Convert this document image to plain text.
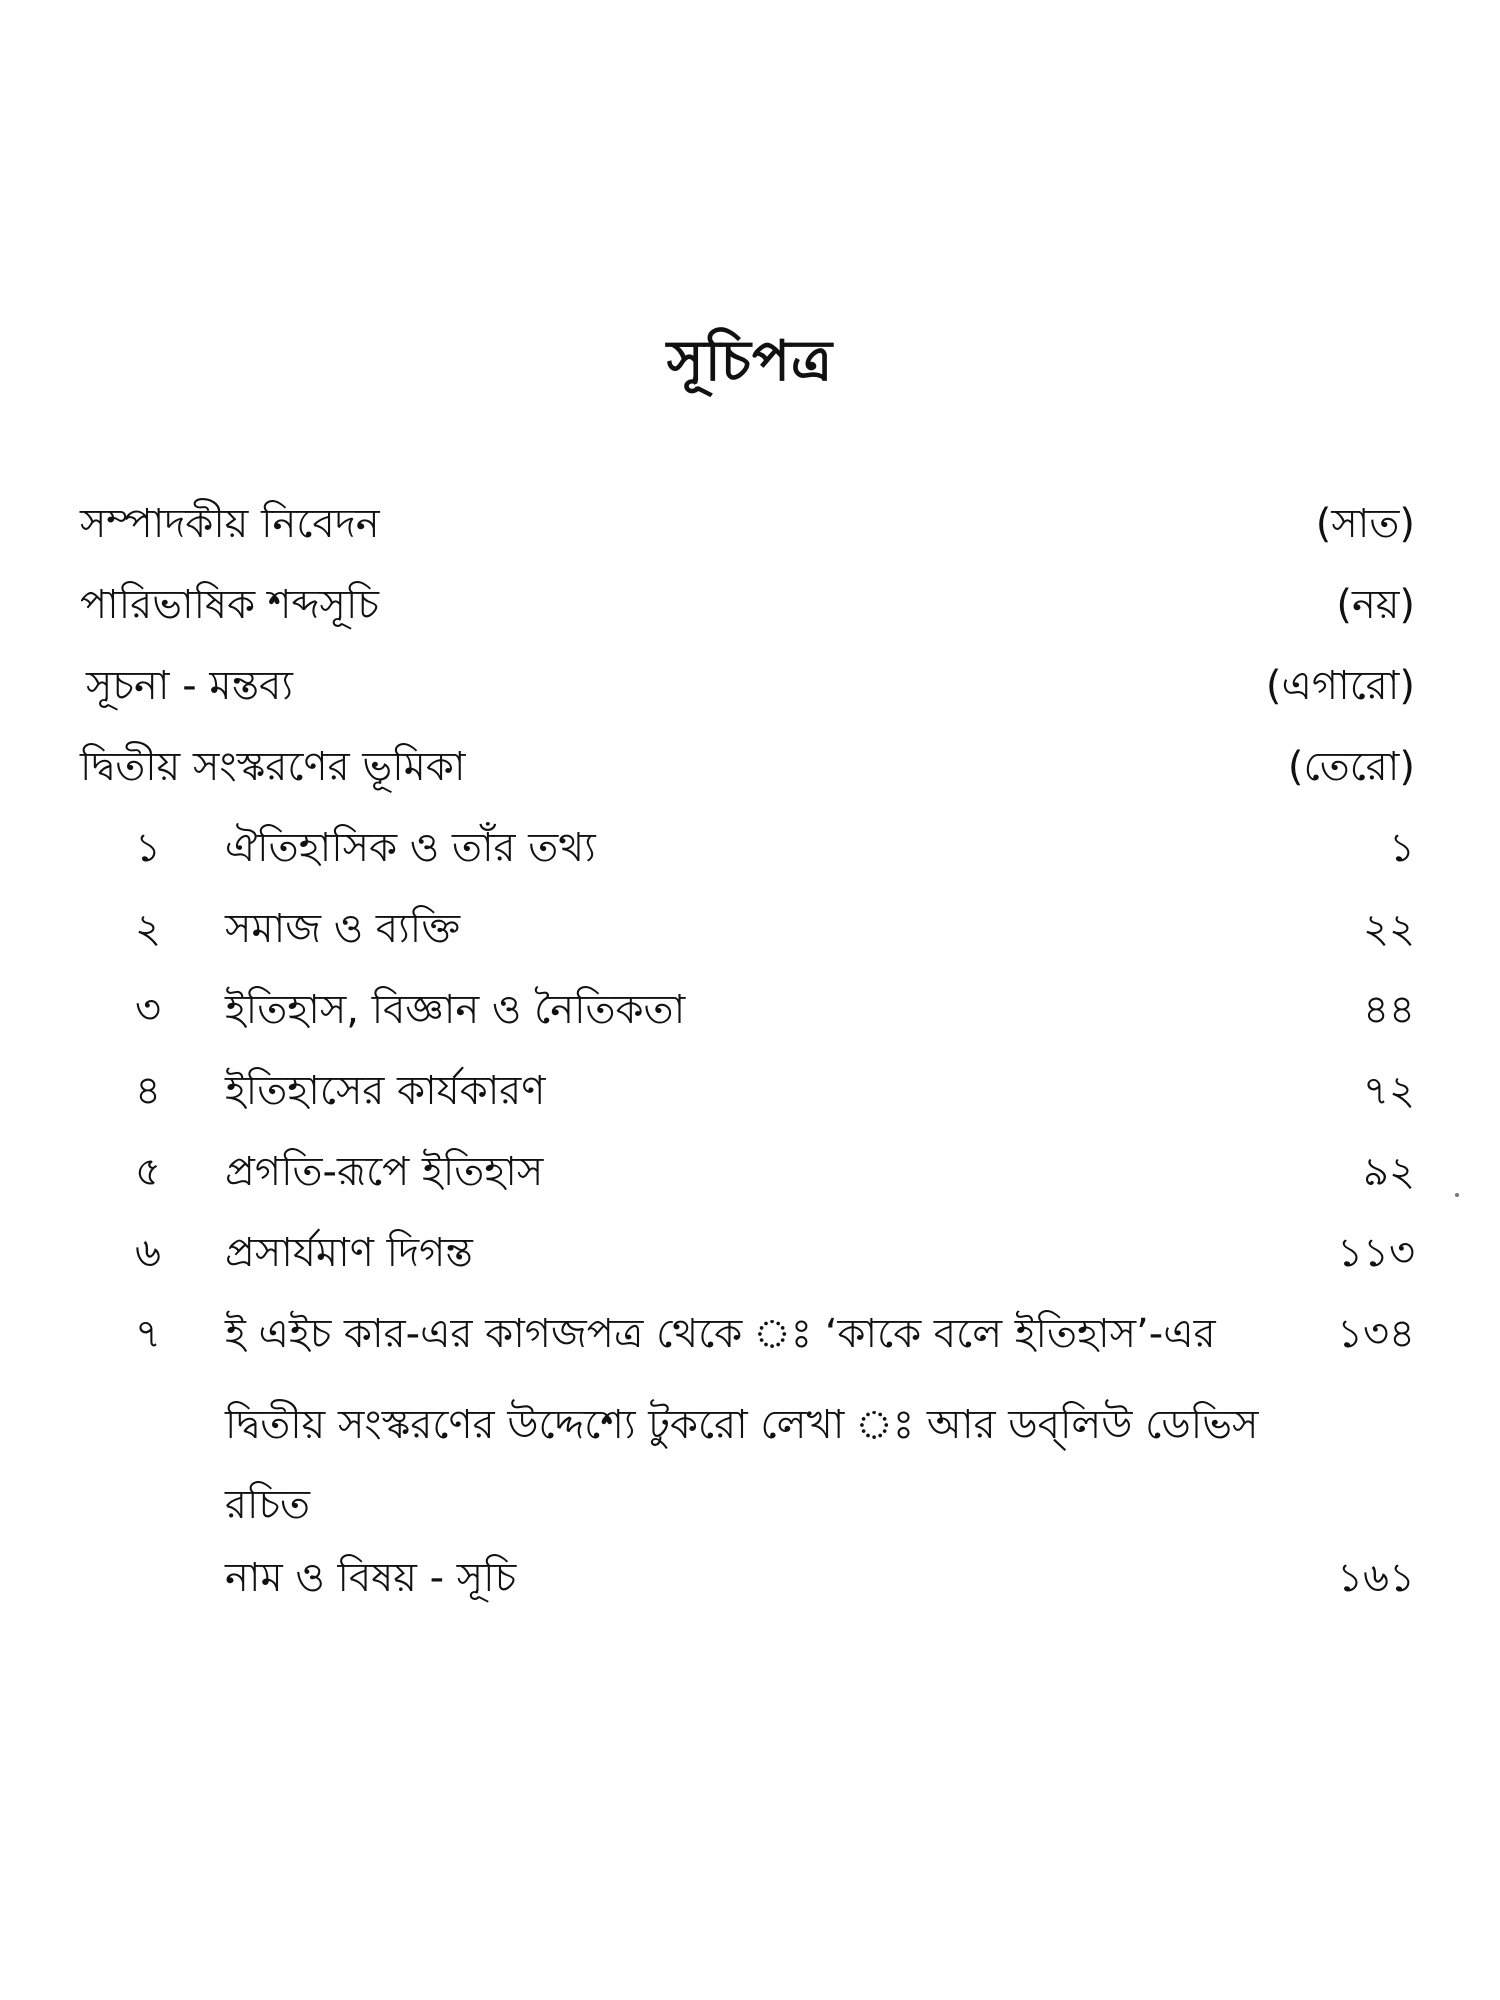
সূচিপত্র
সম্পাদকীয় নিবেদন	(সাত)
পারিভাষিক শব্দসূচি	(নয়)
সূচনা - মন্তব্য	(এগারো)
দ্বিতীয় সংস্করণের ভূমিকা	(তেরো)
১ ঐতিহাসিক ও তাঁর তথ্য	১
২ সমাজ ও ব্যক্তি	২২
৩ ইতিহাস, বিজ্ঞান ও নৈতিকতা	৪৪
৪ ইতিহাসের কার্যকারণ	৭২
৫ প্রগতি-রূপে ইতিহাস	৯২
৬ প্রসার্যমাণ দিগন্ত	১১৩
৭ ই এইচ কার-এর কাগজপত্র থেকে ঃ ‘কাকে বলে ইতিহাস’-এর	১৩৪
দ্বিতীয় সংস্করণের উদ্দেশ্যে টুকরো লেখা ঃ আর ডব্‌লিউ ডেভিস
রচিত
নাম ও বিষয় - সূচি	১৬১
